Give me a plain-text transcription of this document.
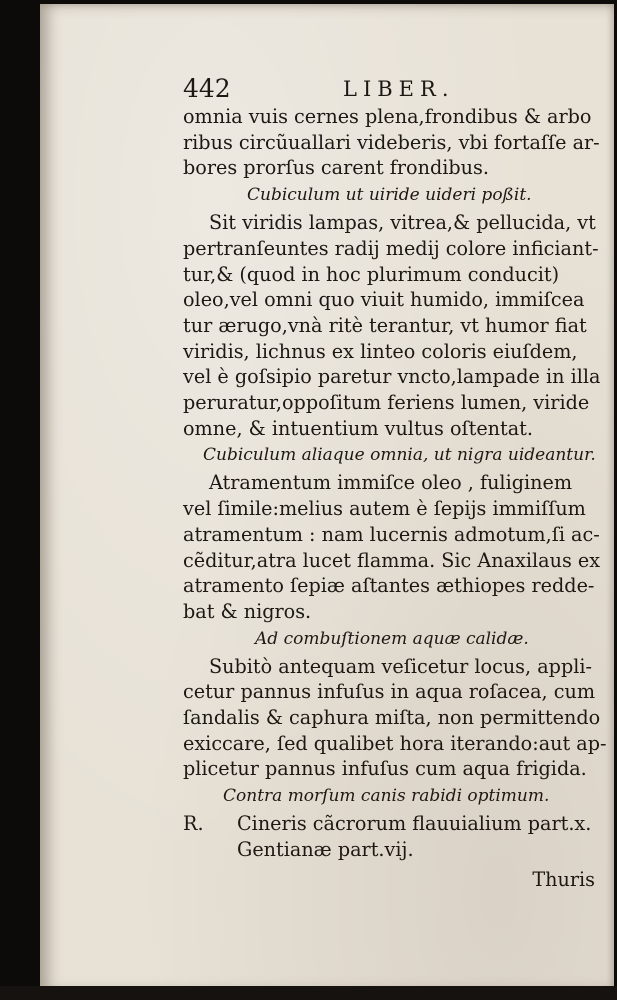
442	LIBER.
omnia vuis cernes plena,frondibus & arbo
ribus circũuallari videberis, vbi fortaſſe ar-
bores prorſus carent frondibus.
Cubiculum ut uiride uideri poßit.
Sit viridis lampas, vitrea,& pellucida, vt
pertranſeuntes radij medij colore inficiant-
tur,& (quod in hoc plurimum conducit)
oleo,vel omni quo viuit humido, immiſcea
tur ærugo,vnà ritè terantur, vt humor fiat
viridis, lichnus ex linteo coloris eiuſdem,
vel è goſsipio paretur vncto,lampade in illa
peruratur,oppoſitum feriens lumen, viride
omne, & intuentium vultus oſtentat.
Cubiculum aliaque omnia, ut nigra uideantur.
Atramentum immiſce oleo , fuliginem
vel ſimile:melius autem è ſepijs immiſſum
atramentum : nam lucernis admotum,ſi ac-
cẽditur,atra lucet flamma. Sic Anaxilaus ex
atramento ſepiæ aſtantes æthiopes redde-
bat & nigros.
Ad combuſtionem aquæ calidæ.
Subitò antequam veſicetur locus, appli-
cetur pannus infuſus in aqua roſacea, cum
ſandalis & caphura miſta, non permittendo
exiccare, ſed qualibet hora iterando:aut ap-
plicetur pannus infuſus cum aqua frigida.
Contra morſum canis rabidi optimum.
R. Cineris cãcrorum flauuialium part.x.
Gentianæ part.vij.
Thuris
